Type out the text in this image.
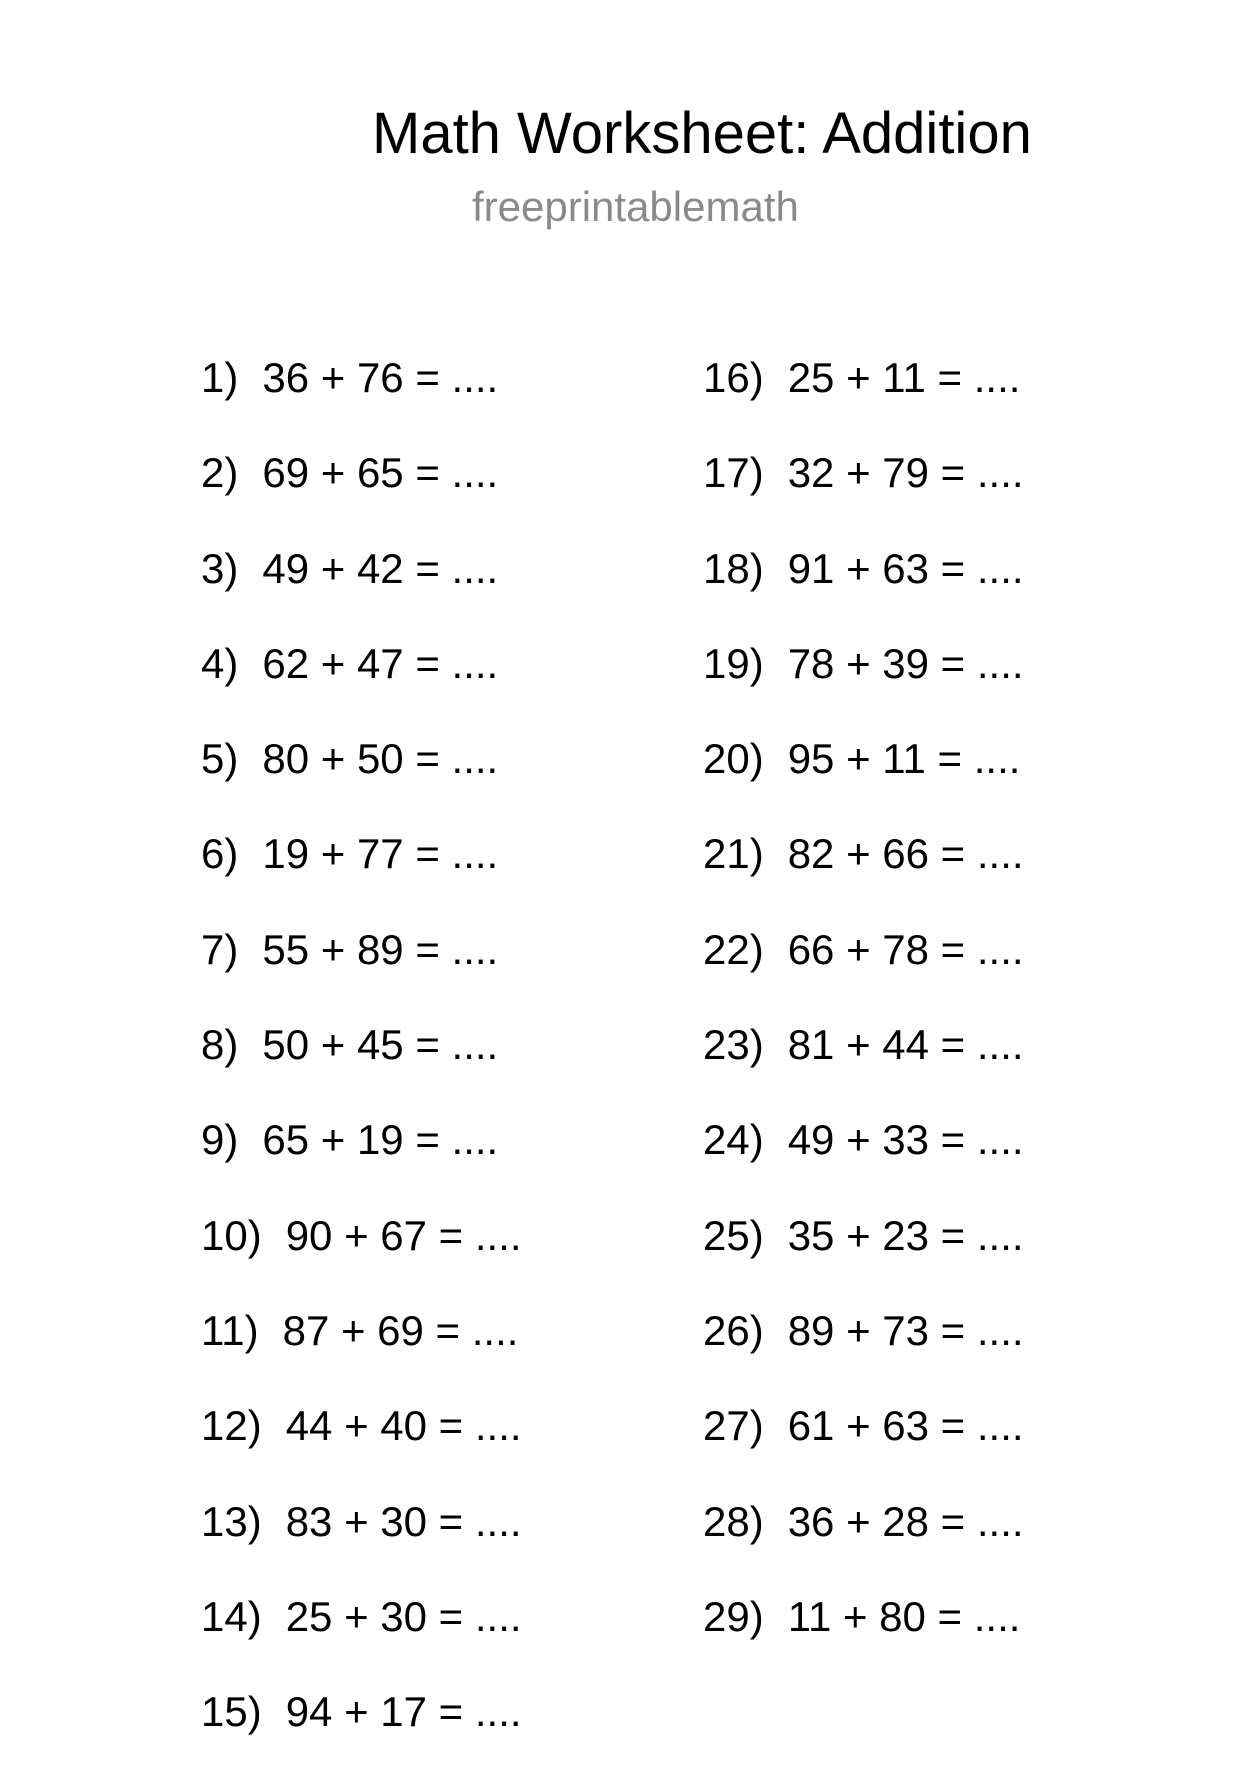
Math Worksheet: Addition
freeprintablemath
1) 36 + 76 = ....
2) 69 + 65 = ....
3) 49 + 42 = ....
4) 62 + 47 = ....
5) 80 + 50 = ....
6) 19 + 77 = ....
7) 55 + 89 = ....
8) 50 + 45 = ....
9) 65 + 19 = ....
10) 90 + 67 = ....
11) 87 + 69 = ....
12) 44 + 40 = ....
13) 83 + 30 = ....
14) 25 + 30 = ....
15) 94 + 17 = ....
16) 25 + 11 = ....
17) 32 + 79 = ....
18) 91 + 63 = ....
19) 78 + 39 = ....
20) 95 + 11 = ....
21) 82 + 66 = ....
22) 66 + 78 = ....
23) 81 + 44 = ....
24) 49 + 33 = ....
25) 35 + 23 = ....
26) 89 + 73 = ....
27) 61 + 63 = ....
28) 36 + 28 = ....
29) 11 + 80 = ....
